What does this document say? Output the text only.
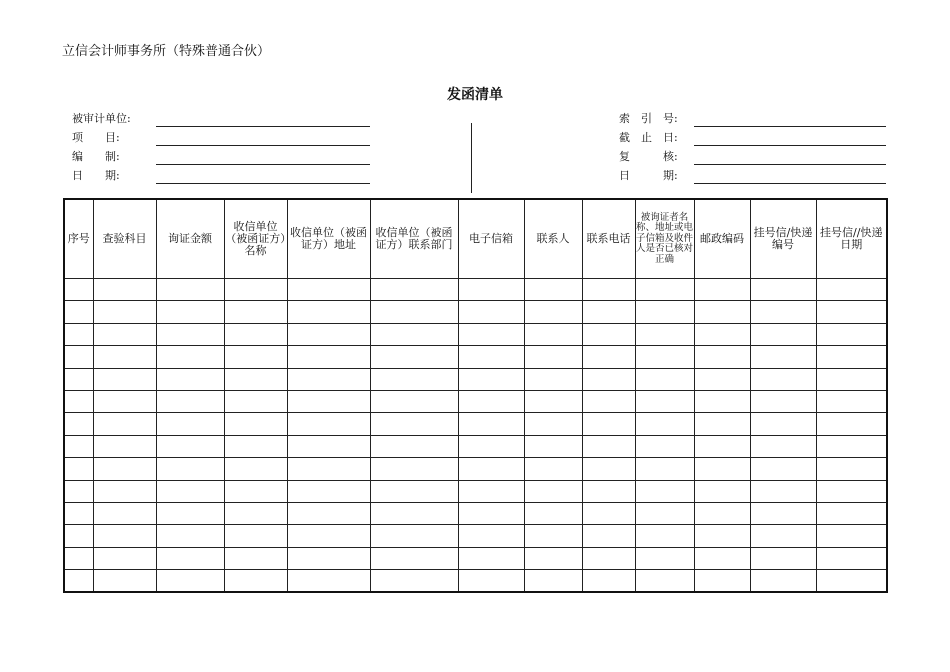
立信会计师事务所（特殊普通合伙）
发函清单
被审计单位:
项　　目:
编　　制:
日　　期:
索　引　号:
截　止　日:
复　　　核:
日　　　期:
序号	查验科目	询证金额	收信单位（被函证方）名称	收信单位（被函证方）地址	收信单位（被函证方）联系部门	电子信箱	联系人	联系电话	被询证者名称、地址或电子信箱及收件人是否已核对正确	邮政编码	挂号信/快递编号	挂号信//快递日期
